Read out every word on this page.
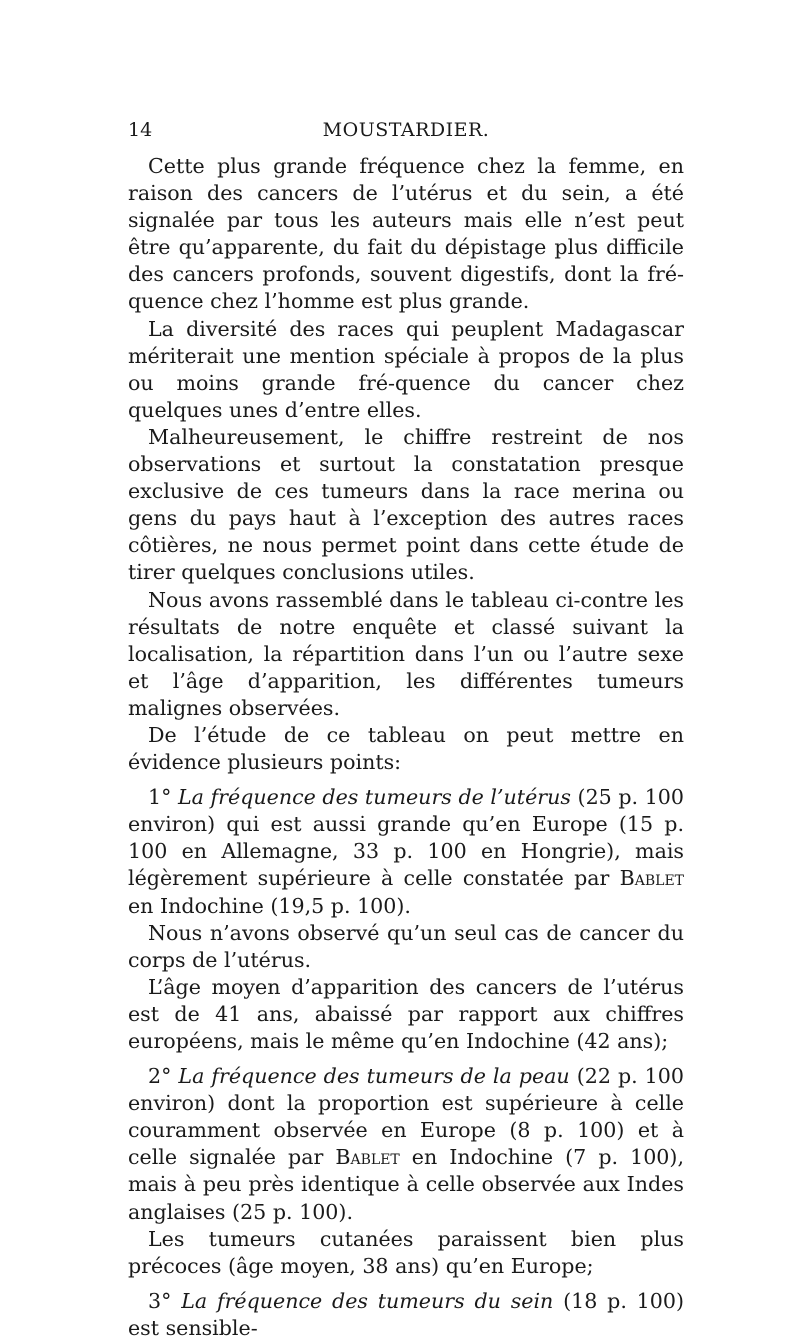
14	MOUSTARDIER.

Cette plus grande fréquence chez la femme, en raison des cancers de l’utérus et du sein, a été signalée par tous les auteurs mais elle n’est peut être qu’apparente, du fait du dépistage plus difficile des cancers profonds, souvent digestifs, dont la fré-quence chez l’homme est plus grande.

La diversité des races qui peuplent Madagascar mériterait une mention spéciale à propos de la plus ou moins grande fré-quence du cancer chez quelques unes d’entre elles.

Malheureusement, le chiffre restreint de nos observations et surtout la constatation presque exclusive de ces tumeurs dans la race merina ou gens du pays haut à l’exception des autres races côtières, ne nous permet point dans cette étude de tirer quelques conclusions utiles.

Nous avons rassemblé dans le tableau ci-contre les résultats de notre enquête et classé suivant la localisation, la répartition dans l’un ou l’autre sexe et l’âge d’apparition, les différentes tumeurs malignes observées.

De l’étude de ce tableau on peut mettre en évidence plusieurs points:

1° La fréquence des tumeurs de l’utérus (25 p. 100 environ) qui est aussi grande qu’en Europe (15 p. 100 en Allemagne, 33 p. 100 en Hongrie), mais légèrement supérieure à celle constatée par Bablet en Indochine (19,5 p. 100).

Nous n’avons observé qu’un seul cas de cancer du corps de l’utérus.

L’âge moyen d’apparition des cancers de l’utérus est de 41 ans, abaissé par rapport aux chiffres européens, mais le même qu’en Indochine (42 ans);

2° La fréquence des tumeurs de la peau (22 p. 100 environ) dont la proportion est supérieure à celle couramment observée en Europe (8 p. 100) et à celle signalée par Bablet en Indochine (7 p. 100), mais à peu près identique à celle observée aux Indes anglaises (25 p. 100).

Les tumeurs cutanées paraissent bien plus précoces (âge moyen, 38 ans) qu’en Europe;

3° La fréquence des tumeurs du sein (18 p. 100) est sensible-
